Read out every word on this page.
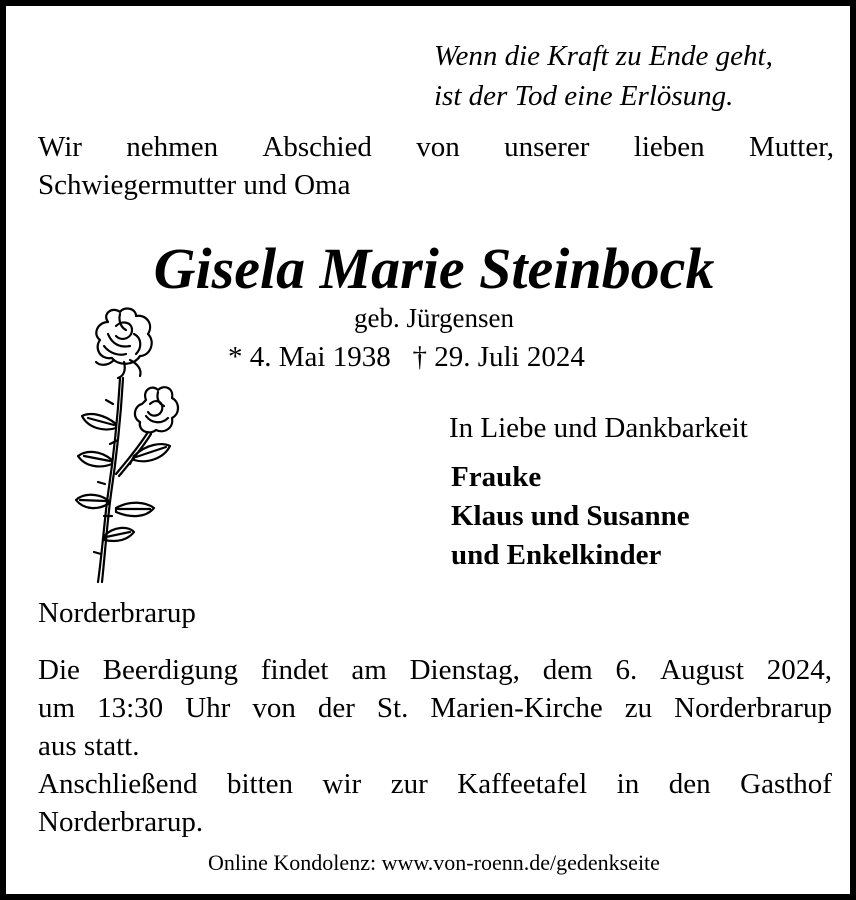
Wenn die Kraft zu Ende geht,
ist der Tod eine Erlösung.
Wir nehmen Abschied von unserer lieben Mutter,
Schwiegermutter und Oma
Gisela Marie Steinbock
geb. Jürgensen
* 4. Mai 1938 † 29. Juli 2024
In Liebe und Dankbarkeit
Frauke
Klaus und Susanne
und Enkelkinder
Norderbrarup
Die Beerdigung findet am Dienstag, dem 6. August 2024,
um 13:30 Uhr von der St. Marien-Kirche zu Norderbrarup
aus statt.
Anschließend bitten wir zur Kaffeetafel in den Gasthof
Norderbrarup.
Online Kondolenz: www.von-roenn.de/gedenkseite
